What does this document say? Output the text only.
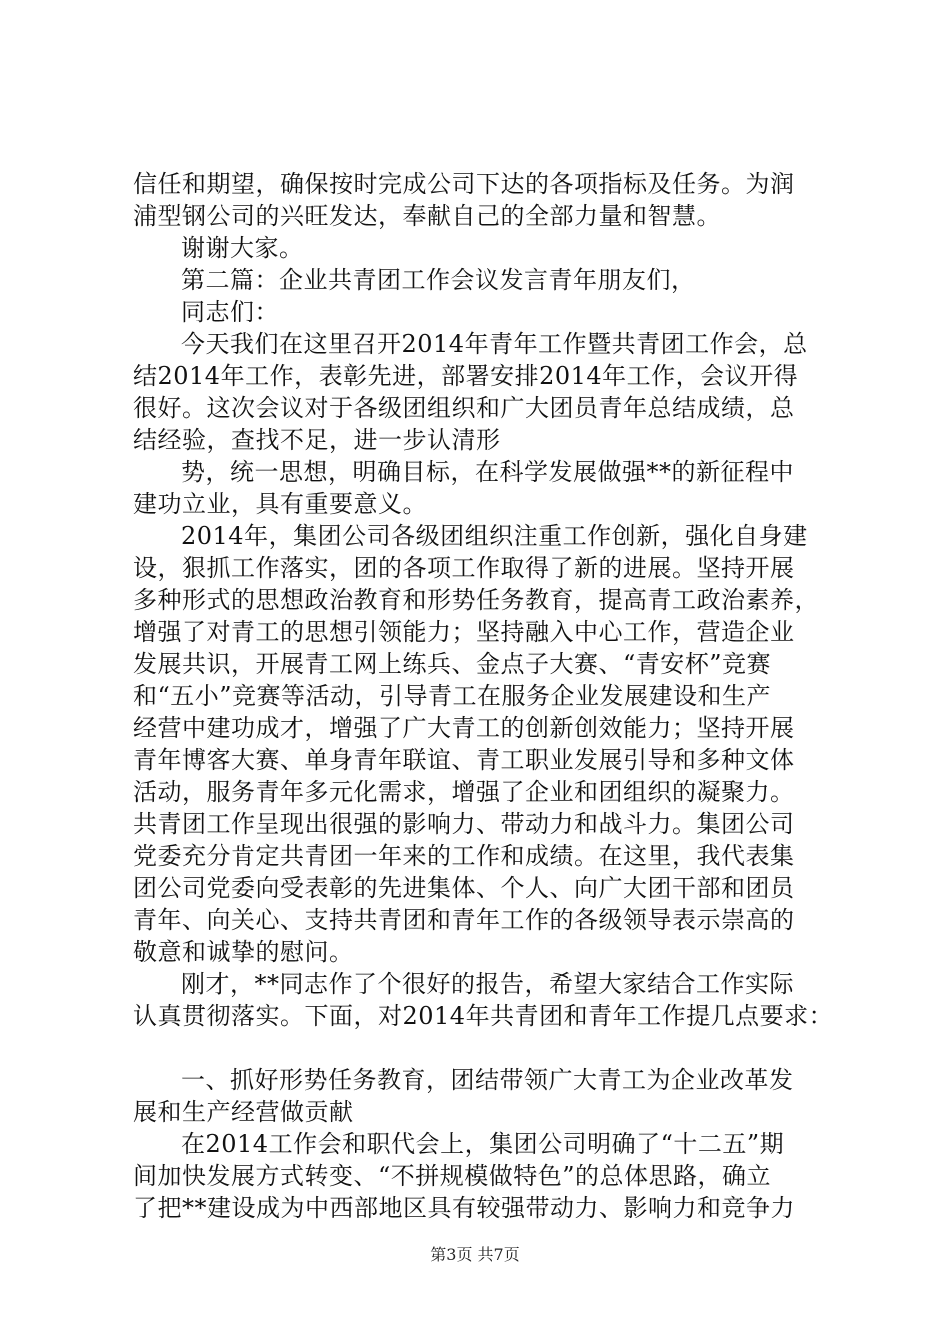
信任和期望，确保按时完成公司下达的各项指标及任务。为润
浦型钢公司的兴旺发达，奉献自己的全部力量和智慧。
谢谢大家。
第二篇：企业共青团工作会议发言青年朋友们，
同志们：
今天我们在这里召开2014年青年工作暨共青团工作会，总
结2014年工作，表彰先进，部署安排2014年工作，会议开得
很好。这次会议对于各级团组织和广大团员青年总结成绩，总
结经验，查找不足，进一步认清形
势，统一思想，明确目标，在科学发展做强**的新征程中
建功立业，具有重要意义。
2014年，集团公司各级团组织注重工作创新，强化自身建
设，狠抓工作落实，团的各项工作取得了新的进展。坚持开展
多种形式的思想政治教育和形势任务教育，提高青工政治素养，
增强了对青工的思想引领能力；坚持融入中心工作，营造企业
发展共识，开展青工网上练兵、金点子大赛、“青安杯”竞赛
和“五小”竞赛等活动，引导青工在服务企业发展建设和生产
经营中建功成才，增强了广大青工的创新创效能力；坚持开展
青年博客大赛、单身青年联谊、青工职业发展引导和多种文体
活动，服务青年多元化需求，增强了企业和团组织的凝聚力。
共青团工作呈现出很强的影响力、带动力和战斗力。集团公司
党委充分肯定共青团一年来的工作和成绩。在这里，我代表集
团公司党委向受表彰的先进集体、个人、向广大团干部和团员
青年、向关心、支持共青团和青年工作的各级领导表示崇高的
敬意和诚挚的慰问。
刚才，**同志作了个很好的报告，希望大家结合工作实际
认真贯彻落实。下面，对2014年共青团和青年工作提几点要求：
一、抓好形势任务教育，团结带领广大青工为企业改革发
展和生产经营做贡献
在2014工作会和职代会上，集团公司明确了“十二五”期
间加快发展方式转变、“不拼规模做特色”的总体思路，确立
了把**建设成为中西部地区具有较强带动力、影响力和竞争力
第3页 共7页
